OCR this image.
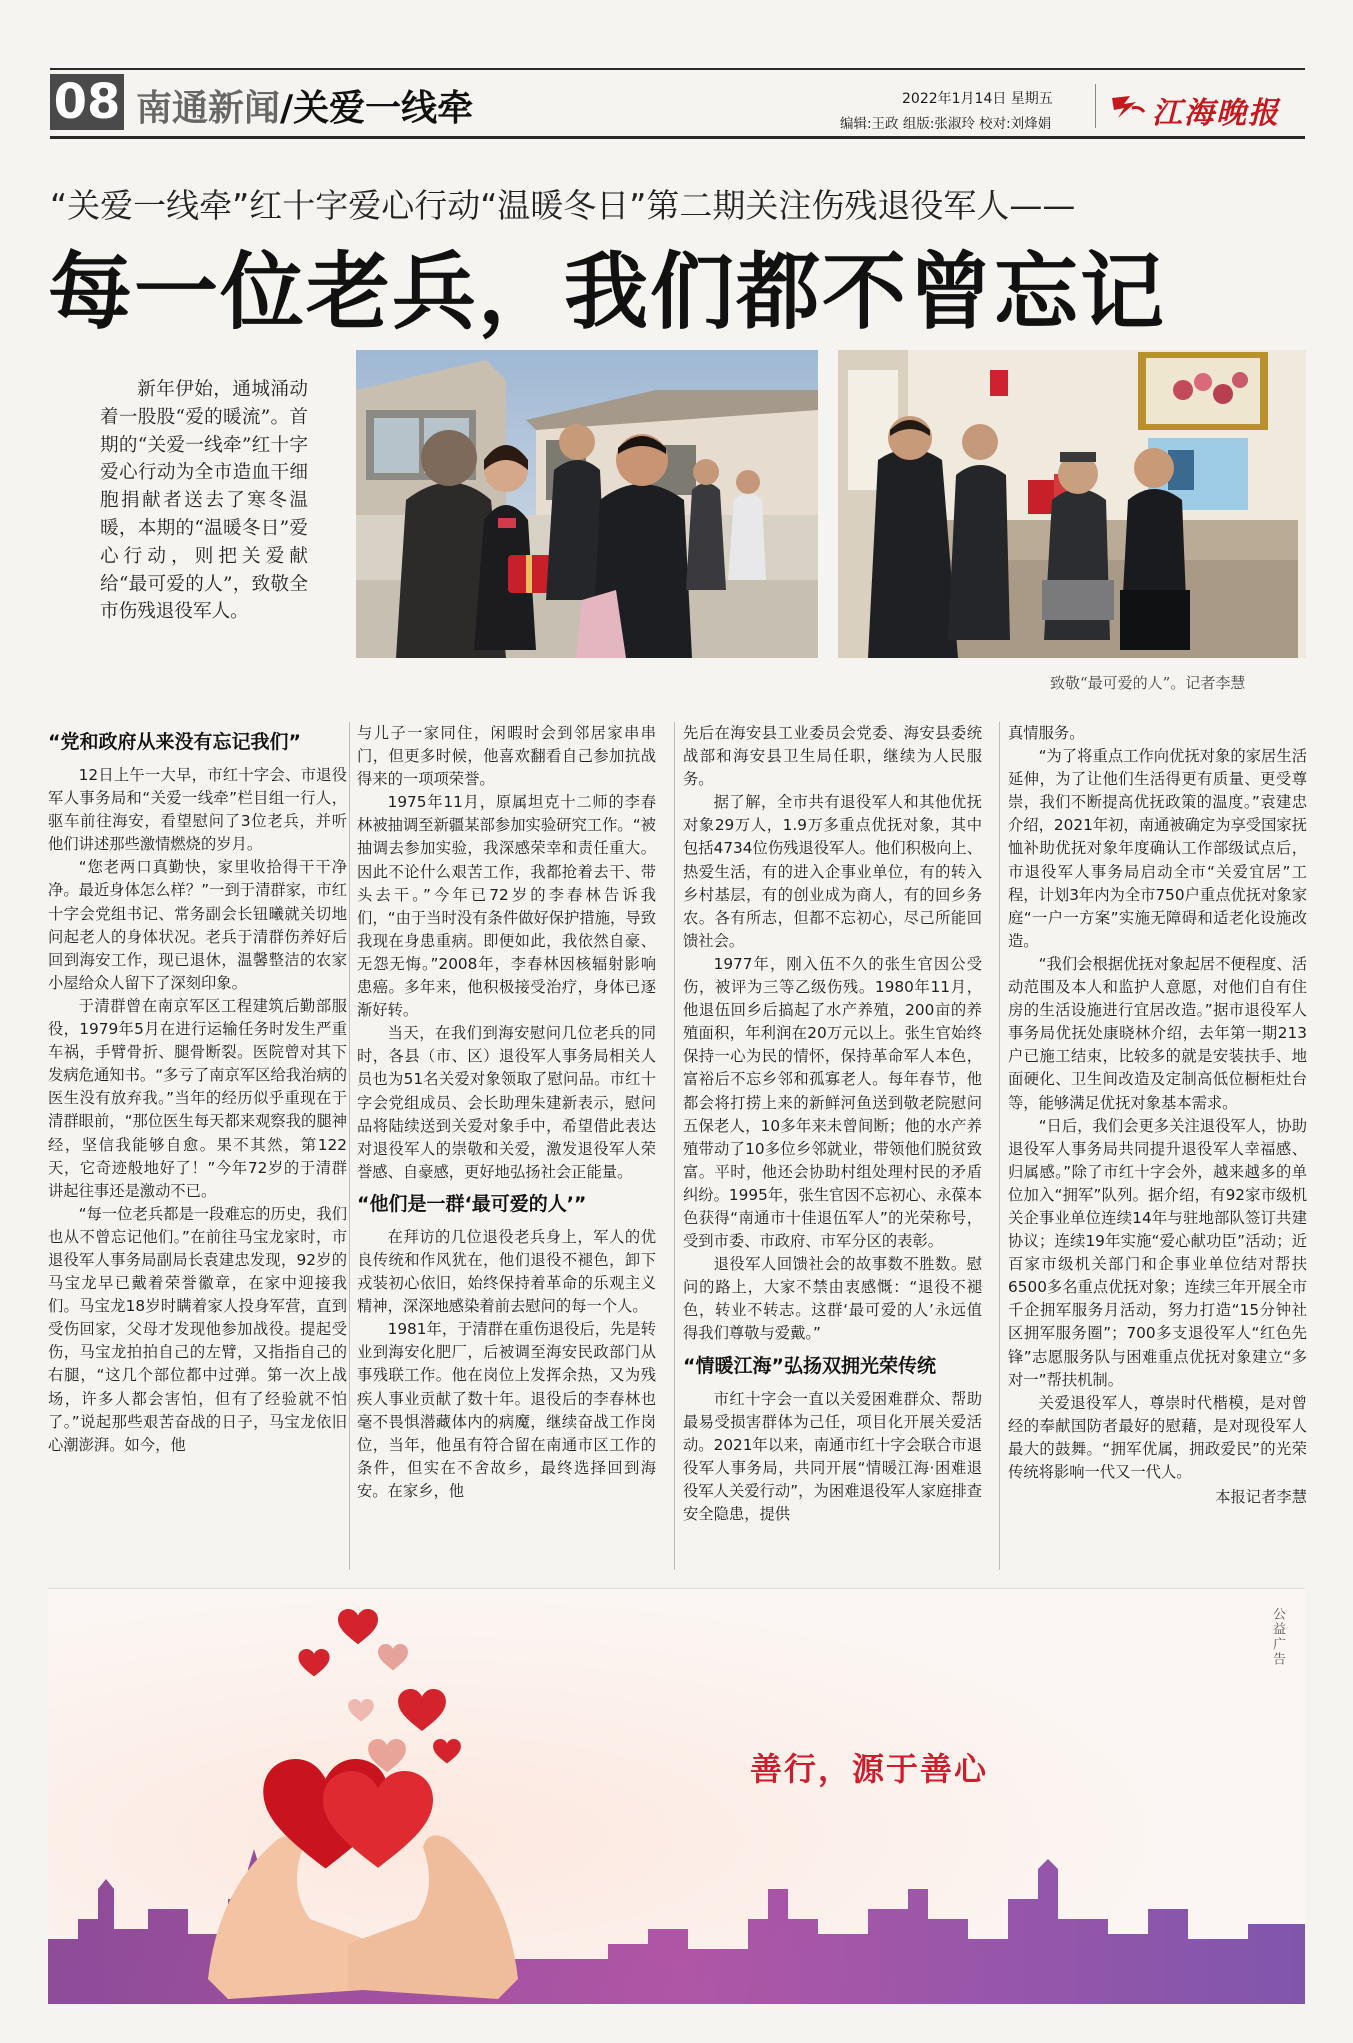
08 南通新闻/关爱一线牵	2022年1月14日 星期五
编辑:王政 组版:张淑玲 校对:刘烽娟	江海晚报
“关爱一线牵”红十字爱心行动“温暖冬日”第二期关注伤残退役军人——
每一位老兵，我们都不曾忘记
新年伊始，通城涌动着一股股“爱的暖流”。首期的“关爱一线牵”红十字爱心行动为全市造血干细胞捐献者送去了寒冬温暖，本期的“温暖冬日”爱心行动，则把关爱献给“最可爱的人”，致敬全市伤残退役军人。
致敬“最可爱的人”。记者李慧
“党和政府从来没有忘记我们”

12日上午一大早，市红十字会、市退役军人事务局和“关爱一线牵”栏目组一行人，驱车前往海安，看望慰问了3位老兵，并听他们讲述那些激情燃烧的岁月。

“您老两口真勤快，家里收拾得干干净净。最近身体怎么样？”一到于清群家，市红十字会党组书记、常务副会长钮曦就关切地问起老人的身体状况。老兵于清群伤养好后回到海安工作，现已退休，温馨整洁的农家小屋给众人留下了深刻印象。

于清群曾在南京军区工程建筑后勤部服役，1979年5月在进行运输任务时发生严重车祸，手臂骨折、腿骨断裂。医院曾对其下发病危通知书。“多亏了南京军区给我治病的医生没有放弃我。”当年的经历似乎重现在于清群眼前，“那位医生每天都来观察我的腿神经，坚信我能够自愈。果不其然，第122天，它奇迹般地好了！”今年72岁的于清群讲起往事还是激动不已。

“每一位老兵都是一段难忘的历史，我们也从不曾忘记他们。”在前往马宝龙家时，市退役军人事务局副局长袁建忠发现，92岁的马宝龙早已戴着荣誉徽章，在家中迎接我们。马宝龙18岁时瞒着家人投身军营，直到受伤回家，父母才发现他参加战役。提起受伤，马宝龙拍拍自己的左臂，又指指自己的右腿，“这几个部位都中过弹。第一次上战场，许多人都会害怕，但有了经验就不怕了。”说起那些艰苦奋战的日子，马宝龙依旧心潮澎湃。如今，他

与儿子一家同住，闲暇时会到邻居家串串门，但更多时候，他喜欢翻看自己参加抗战得来的一项项荣誉。

1975年11月，原属坦克十二师的李春林被抽调至新疆某部参加实验研究工作。“被抽调去参加实验，我深感荣幸和责任重大。因此不论什么艰苦工作，我都抢着去干、带头去干。”今年已72岁的李春林告诉我们，“由于当时没有条件做好保护措施，导致我现在身患重病。即便如此，我依然自豪、无怨无悔。”2008年，李春林因核辐射影响患癌。多年来，他积极接受治疗，身体已逐渐好转。

当天，在我们到海安慰问几位老兵的同时，各县（市、区）退役军人事务局相关人员也为51名关爱对象领取了慰问品。市红十字会党组成员、会长助理朱建新表示，慰问品将陆续送到关爱对象手中，希望借此表达对退役军人的崇敬和关爱，激发退役军人荣誉感、自豪感，更好地弘扬社会正能量。

“他们是一群‘最可爱的人’”

在拜访的几位退役老兵身上，军人的优良传统和作风犹在，他们退役不褪色，卸下戎装初心依旧，始终保持着革命的乐观主义精神，深深地感染着前去慰问的每一个人。

1981年，于清群在重伤退役后，先是转业到海安化肥厂，后被调至海安民政部门从事残联工作。他在岗位上发挥余热，又为残疾人事业贡献了数十年。退役后的李春林也毫不畏惧潜藏体内的病魔，继续奋战工作岗位，当年，他虽有符合留在南通市区工作的条件，但实在不舍故乡，最终选择回到海安。在家乡，他

先后在海安县工业委员会党委、海安县委统战部和海安县卫生局任职，继续为人民服务。

据了解，全市共有退役军人和其他优抚对象29万人，1.9万多重点优抚对象，其中包括4734位伤残退役军人。他们积极向上、热爱生活，有的进入企事业单位，有的转入乡村基层，有的创业成为商人，有的回乡务农。各有所志，但都不忘初心，尽己所能回馈社会。

1977年，刚入伍不久的张生官因公受伤，被评为三等乙级伤残。1980年11月，他退伍回乡后搞起了水产养殖，200亩的养殖面积，年利润在20万元以上。张生官始终保持一心为民的情怀，保持革命军人本色，富裕后不忘乡邻和孤寡老人。每年春节，他都会将打捞上来的新鲜河鱼送到敬老院慰问五保老人，10多年来未曾间断；他的水产养殖带动了10多位乡邻就业，带领他们脱贫致富。平时，他还会协助村组处理村民的矛盾纠纷。1995年，张生官因不忘初心、永葆本色获得“南通市十佳退伍军人”的光荣称号，受到市委、市政府、市军分区的表彰。

退役军人回馈社会的故事数不胜数。慰问的路上，大家不禁由衷感慨：“退役不褪色，转业不转志。这群‘最可爱的人’永远值得我们尊敬与爱戴。”

“情暖江海”弘扬双拥光荣传统

市红十字会一直以关爱困难群众、帮助最易受损害群体为己任，项目化开展关爱活动。2021年以来，南通市红十字会联合市退役军人事务局，共同开展“情暖江海·困难退役军人关爱行动”，为困难退役军人家庭排查安全隐患，提供

真情服务。

“为了将重点工作向优抚对象的家居生活延伸，为了让他们生活得更有质量、更受尊崇，我们不断提高优抚政策的温度。”袁建忠介绍，2021年初，南通被确定为享受国家抚恤补助优抚对象年度确认工作部级试点后，市退役军人事务局启动全市“关爱宜居”工程，计划3年内为全市750户重点优抚对象家庭“一户一方案”实施无障碍和适老化设施改造。

“我们会根据优抚对象起居不便程度、活动范围及本人和监护人意愿，对他们自有住房的生活设施进行宜居改造。”据市退役军人事务局优抚处康晓林介绍，去年第一期213户已施工结束，比较多的就是安装扶手、地面硬化、卫生间改造及定制高低位橱柜灶台等，能够满足优抚对象基本需求。

“日后，我们会更多关注退役军人，协助退役军人事务局共同提升退役军人幸福感、归属感。”除了市红十字会外，越来越多的单位加入“拥军”队列。据介绍，有92家市级机关企事业单位连续14年与驻地部队签订共建协议；连续19年实施“爱心献功臣”活动；近百家市级机关部门和企事业单位结对帮扶6500多名重点优抚对象；连续三年开展全市千企拥军服务月活动，努力打造“15分钟社区拥军服务圈”；700多支退役军人“红色先锋”志愿服务队与困难重点优抚对象建立“多对一”帮扶机制。

关爱退役军人，尊崇时代楷模，是对曾经的奉献国防者最好的慰藉，是对现役军人最大的鼓舞。“拥军优属，拥政爱民”的光荣传统将影响一代又一代人。

本报记者李慧

公益广告
善行，源于善心
